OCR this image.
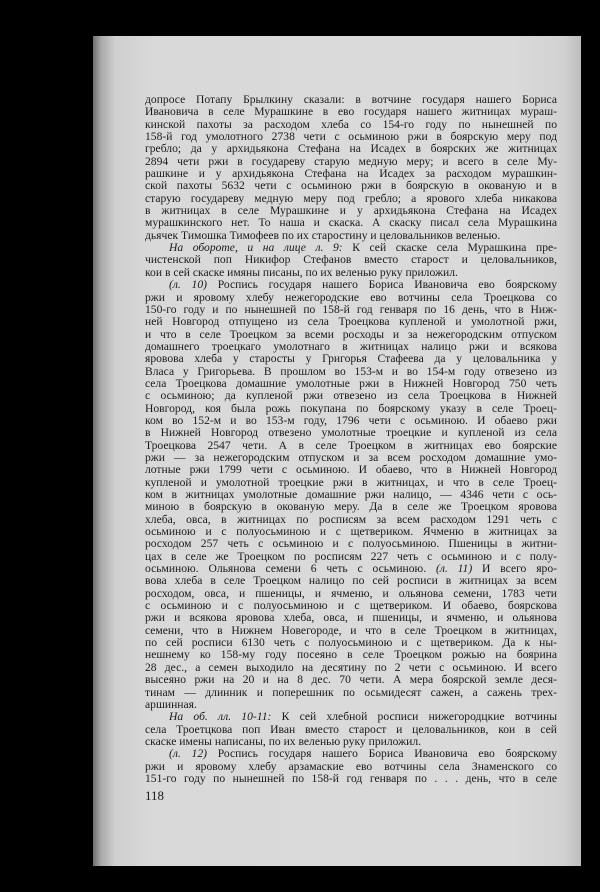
допросе Потапу Брылкину сказали: в вотчине государя нашего Бориса
Ивановича в селе Мурашкине в ево государя нашего житницах мураш-
кинской пахоты за расходом хлеба со 154-го году по нынешней по
158-й год умолотного 2738 чети с осьминою ржи в боярскую меру под
гребло; да у архидьякона Стефана на Исадех в боярских же житницах
2894 чети ржи в государеву старую медную меру; и всего в селе Му-
рашкине и у архидьякона Стефана на Исадех за расходом мурашкин-
ской пахоты 5632 чети с осьминою ржи в боярскую в окованую и в
старую государеву медную меру под гребло; а ярового хлеба никакова
в житницах в селе Мурашкине и у архидьякона Стефана на Исадех
мурашкинского нет. То наша и скаска. А скаску писал села Мурашкина
дьячек Тимошка Тимофеев по их старостину и целовальников веленью.
На обороте, и на лице л. 9: К сей скаске села Мурашкина пре-
чистенской поп Никифор Стефанов вместо старост и целовальников,
кои в сей скаске имяны писаны, по их веленью руку приложил.
(л. 10) Роспись государя нашего Бориса Ивановича ево боярскому
ржи и яровому хлебу нежегородские ево вотчины села Троецкова со
150-го году и по нынешней по 158-й год генваря по 16 день, что в Ниж-
ней Новгород отпущено из села Троецкова купленой и умолотной ржи,
и что в селе Троецком за всеми росходы и за нежегородским отпуском
домашнего троецкаго умолотнаго в житницах налицо ржи и всякова
яровова хлеба у старосты у Григорья Стафеева да у целовальника у
Власа у Григорьева. В прошлом во 153-м и во 154-м году отвезено из
села Троецкова домашние умолотные ржи в Нижней Новгород 750 четь
с осьминою; да купленой ржи отвезено из села Троецкова в Нижней
Новгород, коя была рожь покупана по боярскому указу в селе Троец-
ком во 152-м и во 153-м году, 1796 чети с осьминою. И обаево ржи
в Нижней Новгород отвезено умолотные троецкие и купленой из села
Троецкова 2547 чети. А в селе Троецком в житницах ево боярские
ржи — за нежегородским отпуском и за всем росходом домашние умо-
лотные ржи 1799 чети с осьминою. И обаево, что в Нижней Новгород
купленой и умолотной троецкие ржи в житницах, и что в селе Троец-
ком в житницах умолотные домашние ржи налицо, — 4346 чети с ось-
миною в боярскую в окованую меру. Да в селе же Троецком яровова
хлеба, овса, в житницах по росписям за всем расходом 1291 четь с
осьминою и с полуосьминою и с щетвериком. Ячменю в житницах за
росходом 257 четь с осьминою и с полуосьминою. Пшеницы в житни-
цах в селе же Троецком по росписям 227 четь с осьминою и с полу-
осьминою. Ольянова семени 6 четь с осьминою. (л. 11) И всего яро-
вова хлеба в селе Троецком налицо по сей росписи в житницах за всем
росходом, овса, и пшеницы, и ячменю, и ольянова семени, 1783 чети
с осьминою и с полуосьминою и с щетвериком. И обаево, боярскова
ржи и всякова яровова хлеба, овса, и пшеницы, и ячменю, и ольянова
семени, что в Нижнем Новегороде, и что в селе Троецком в житницах,
по сей росписи 6130 четь с полуосьминою и с щетвериком. Да к ны-
нешнему ко 158-му году посеяно в селе Троецком рожью на боярина
28 дес., а семен выходило на десятину по 2 чети с осьминою. И всего
высеяно ржи на 20 и на 8 дес. 70 чети. А мера боярской земле деся-
тинам — длинник и поперешник по осьмидесят сажен, а сажень трех-
аршинная.
На об. лл. 10-11: К сей хлебной росписи нижегородцкие вотчины
села Троетцкова поп Иван вместо старост и целовальников, кои в сей
скаске имены написаны, по их веленью руку приложил.
(л. 12) Роспись государя нашего Бориса Ивановича ево боярскому
ржи и яровому хлебу арзамаские ево вотчины села Знаменского со
151-го году по нынешней по 158-й год генваря по . . . день, что в селе
118
